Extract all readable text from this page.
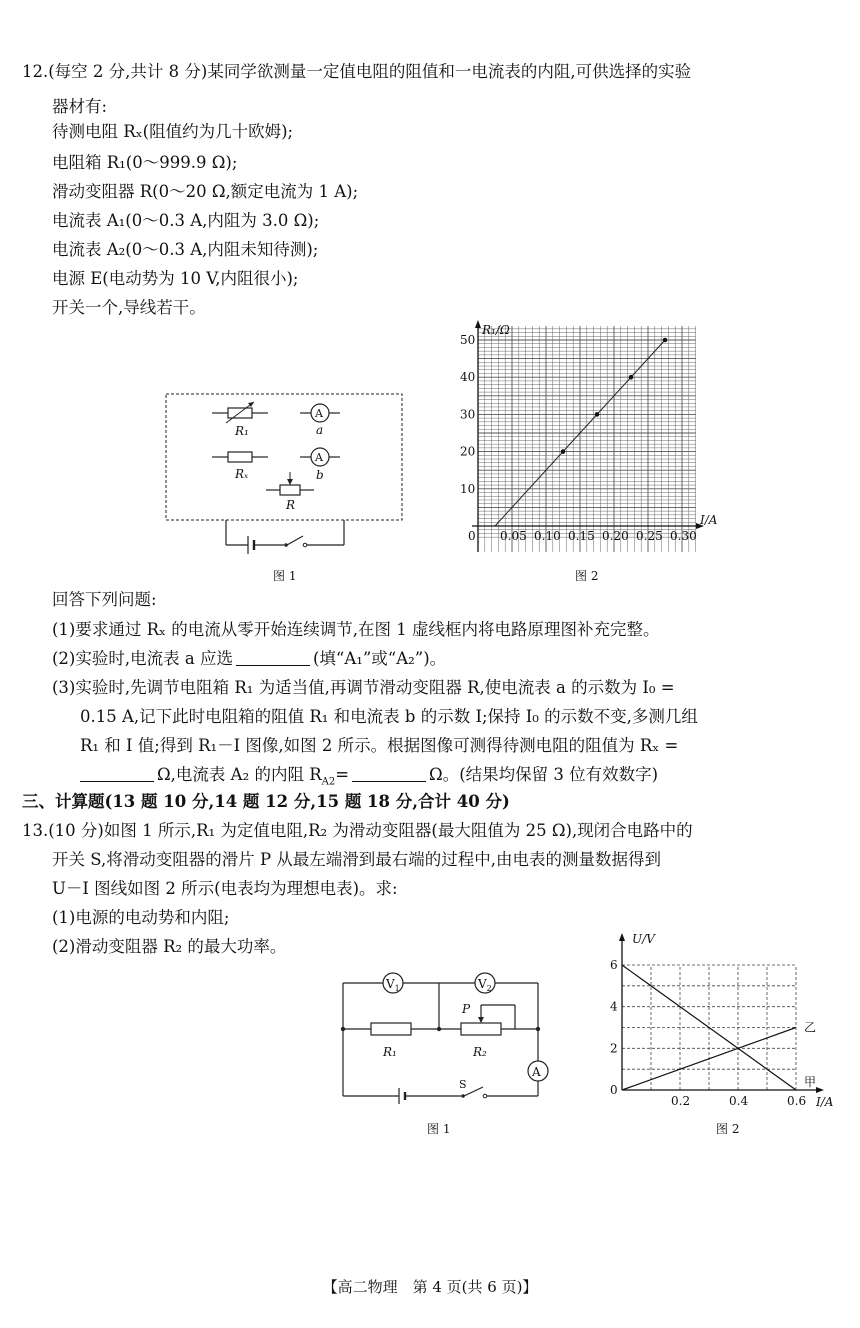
12.(每空 2 分,共计 8 分)某同学欲测量一定值电阻的阻值和一电流表的内阻,可供选择的实验
器材有:
待测电阻 Rₓ(阻值约为几十欧姆);
电阻箱 R₁(0～999.9 Ω);
滑动变阻器 R(0～20 Ω,额定电流为 1 A);
电流表 A₁(0～0.3 A,内阻为 3.0 Ω);
电流表 A₂(0～0.3 A,内阻未知待测);
电源 E(电动势为 10 V,内阻很小);
开关一个,导线若干。
R₁
A
a
Rₓ
A
b
R
图 1
0 0.05 0.10 0.15 0.20 0.25 0.30
10
20
30
40
50
R₁/Ω
I/A
图 2
回答下列问题:
(1)要求通过 Rₓ 的电流从零开始连续调节,在图 1 虚线框内将电路原理图补充完整。
(2)实验时,电流表 a 应选	(填“A₁”或“A₂”)。
(3)实验时,先调节电阻箱 R₁ 为适当值,再调节滑动变阻器 R,使电流表 a 的示数为 I₀ =
0.15 A,记下此时电阻箱的阻值 R₁ 和电流表 b 的示数 I;保持 I₀ 的示数不变,多测几组
R₁ 和 I 值;得到 R₁－I 图像,如图 2 所示。根据图像可测得待测电阻的阻值为 Rₓ =
Ω,电流表 A₂ 的内阻 $R_{A2}=$	Ω。(结果均保留 3 位有效数字)
三、计算题(13 题 10 分,14 题 12 分,15 题 18 分,合计 40 分)
13.(10 分)如图 1 所示,R₁ 为定值电阻,R₂ 为滑动变阻器(最大阻值为 25 Ω),现闭合电路中的
开关 S,将滑动变阻器的滑片 P 从最左端滑到最右端的过程中,由电表的测量数据得到
U－I 图线如图 2 所示(电表均为理想电表)。求:
(1)电源的电动势和内阻;
(2)滑动变阻器 R₂ 的最大功率。
$V_1$	$V_2$
P
R₁	R₂
A
S
图 1
U/V
I/A
0.2	0.4	0.6
0
2
4
6
甲
乙
图 2
【高二物理　第 4 页(共 6 页)】
